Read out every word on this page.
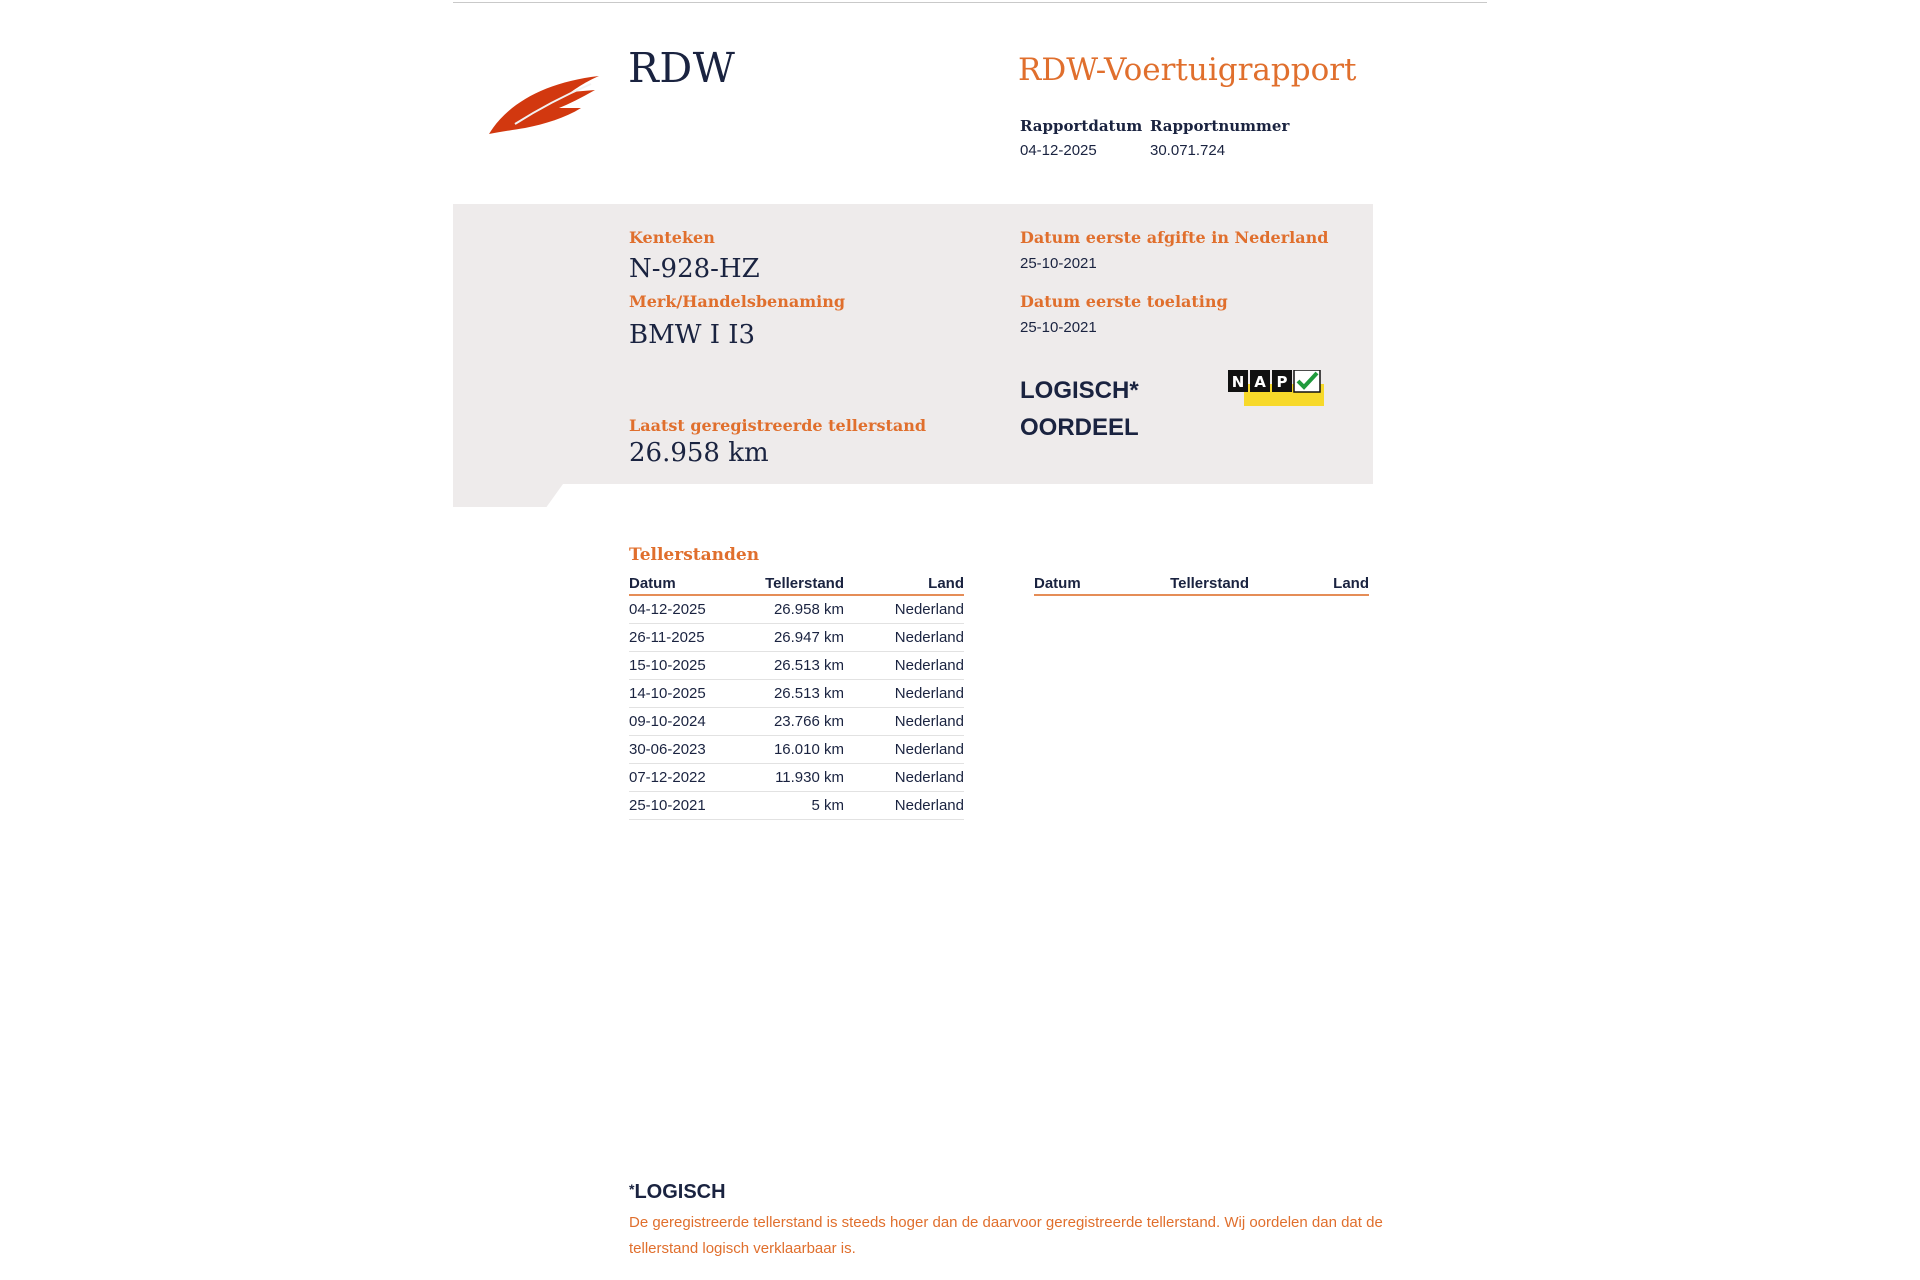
RDW	RDW-Voertuigrapport
Rapportdatum
04-12-2025
Rapportnummer
30.071.724
Kenteken
N-928-HZ
Merk/Handelsbenaming
BMW I I3
Laatst geregistreerde tellerstand
26.958 km
Datum eerste afgifte in Nederland
25-10-2021
Datum eerste toelating
25-10-2021
LOGISCH*
OORDEEL
N A P
Tellerstanden
Datum	Tellerstand	Land
04-12-2025	26.958 km	Nederland
26-11-2025	26.947 km	Nederland
15-10-2025	26.513 km	Nederland
14-10-2025	26.513 km	Nederland
09-10-2024	23.766 km	Nederland
30-06-2023	16.010 km	Nederland
07-12-2022	11.930 km	Nederland
25-10-2021	5 km	Nederland
Datum	Tellerstand	Land
*LOGISCH
De geregistreerde tellerstand is steeds hoger dan de daarvoor geregistreerde tellerstand. Wij oordelen dan dat de tellerstand logisch verklaarbaar is.
